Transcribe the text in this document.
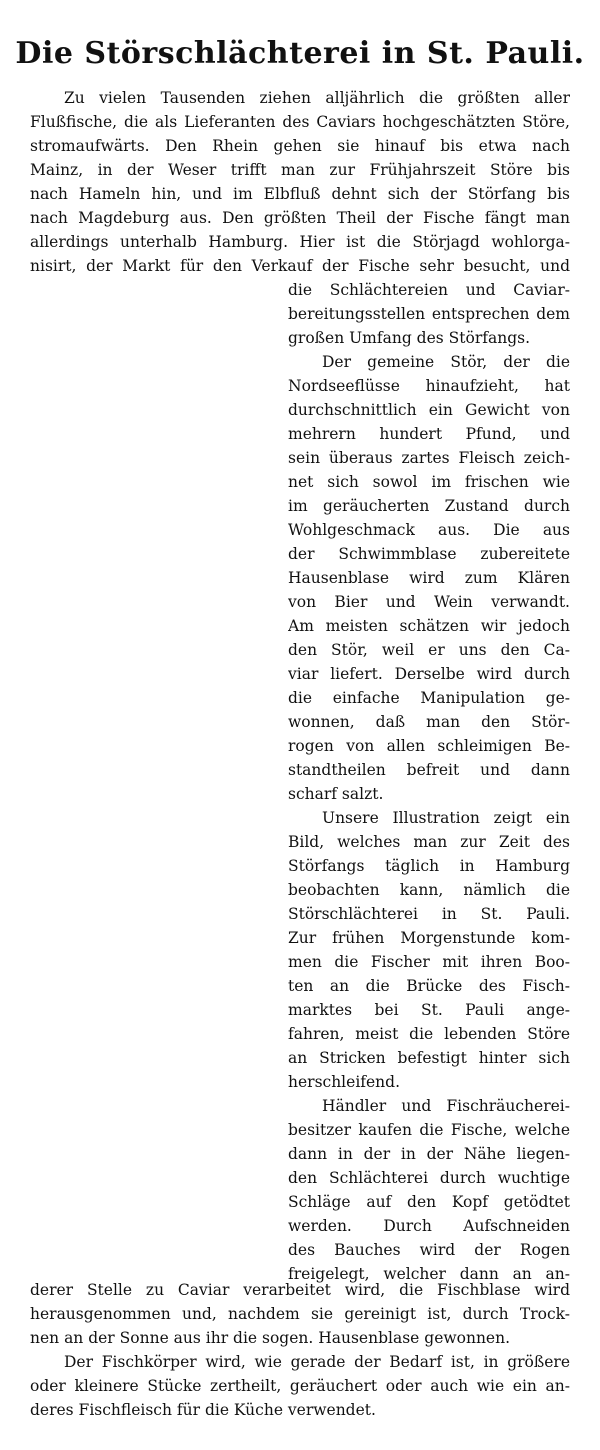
Die Störschlächterei in St. Pauli.
Zu vielen Tausenden ziehen alljährlich die größten aller
Flußfische, die als Lieferanten des Caviars hochgeschätzten Störe,
stromaufwärts. Den Rhein gehen sie hinauf bis etwa nach
Mainz, in der Weser trifft man zur Frühjahrszeit Störe bis
nach Hameln hin, und im Elbfluß dehnt sich der Störfang bis
nach Magdeburg aus. Den größten Theil der Fische fängt man
allerdings unterhalb Hamburg. Hier ist die Störjagd wohlorga-
nisirt, der Markt für den Verkauf der Fische sehr besucht, und
die Schlächtereien und Caviar-
bereitungsstellen entsprechen dem
großen Umfang des Störfangs.
Der gemeine Stör, der die
Nordseeflüsse hinaufzieht, hat
durchschnittlich ein Gewicht von
mehrern hundert Pfund, und
sein überaus zartes Fleisch zeich-
net sich sowol im frischen wie
im geräucherten Zustand durch
Wohlgeschmack aus. Die aus
der Schwimmblase zubereitete
Hausenblase wird zum Klären
von Bier und Wein verwandt.
Am meisten schätzen wir jedoch
den Stör, weil er uns den Ca-
viar liefert. Derselbe wird durch
die einfache Manipulation ge-
wonnen, daß man den Stör-
rogen von allen schleimigen Be-
standtheilen befreit und dann
scharf salzt.
Unsere Illustration zeigt ein
Bild, welches man zur Zeit des
Störfangs täglich in Hamburg
beobachten kann, nämlich die
Störschlächterei in St. Pauli.
Zur frühen Morgenstunde kom-
men die Fischer mit ihren Boo-
ten an die Brücke des Fisch-
marktes bei St. Pauli ange-
fahren, meist die lebenden Störe
an Stricken befestigt hinter sich
herschleifend.
Händler und Fischräucherei-
besitzer kaufen die Fische, welche
dann in der in der Nähe liegen-
den Schlächterei durch wuchtige
Schläge auf den Kopf getödtet
werden. Durch Aufschneiden
des Bauches wird der Rogen
freigelegt, welcher dann an an-
derer Stelle zu Caviar verarbeitet wird, die Fischblase wird
herausgenommen und, nachdem sie gereinigt ist, durch Trock-
nen an der Sonne aus ihr die sogen. Hausenblase gewonnen.
Der Fischkörper wird, wie gerade der Bedarf ist, in größere
oder kleinere Stücke zertheilt, geräuchert oder auch wie ein an-
deres Fischfleisch für die Küche verwendet.
